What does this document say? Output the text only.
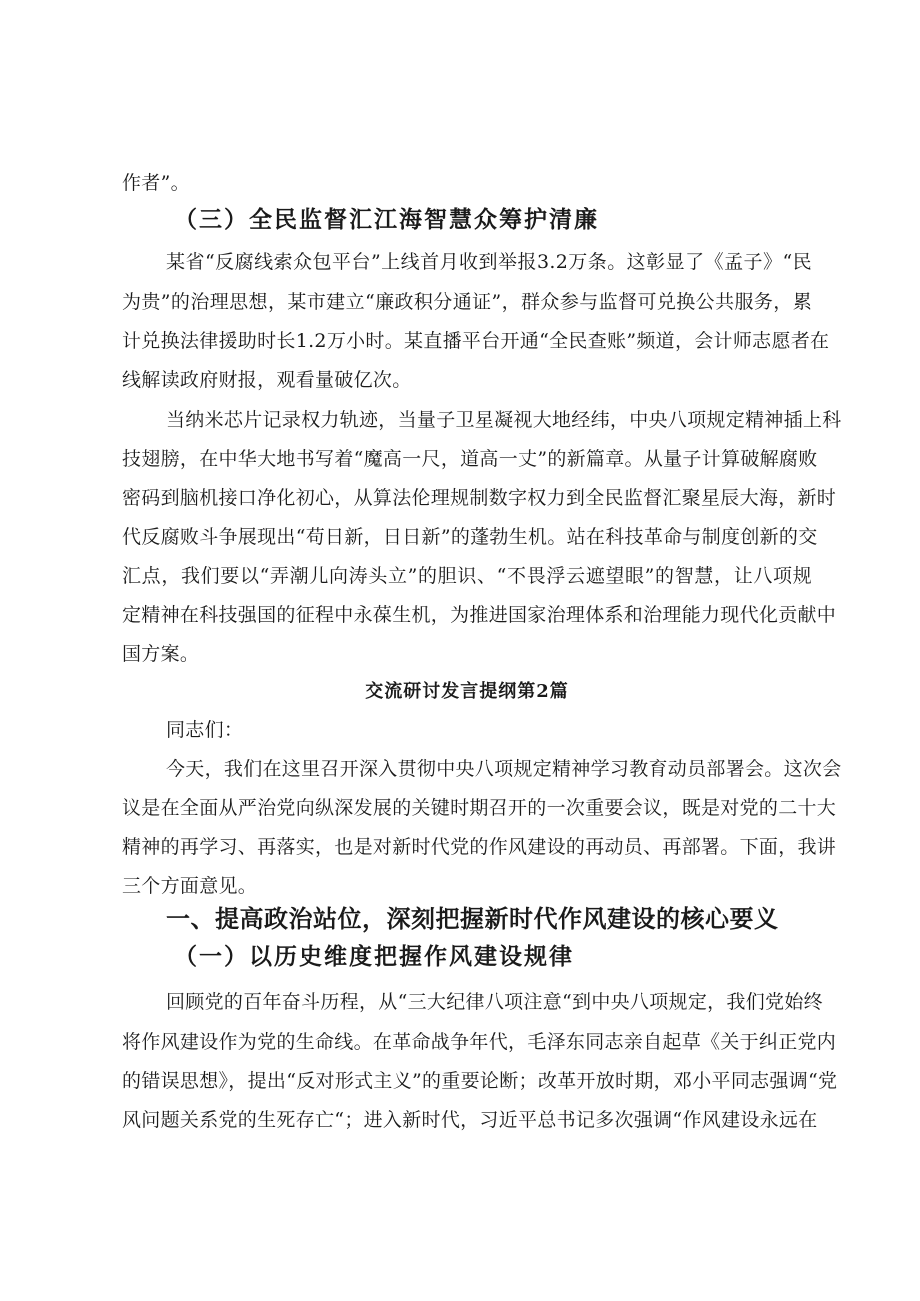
作者”。
（三）全民监督汇江海智慧众筹护清廉
某省“反腐线索众包平台”上线首月收到举报3.2万条。这彰显了《孟子》“民
为贵”的治理思想，某市建立“廉政积分通证”，群众参与监督可兑换公共服务，累
计兑换法律援助时长1.2万小时。某直播平台开通“全民查账”频道，会计师志愿者在
线解读政府财报，观看量破亿次。
当纳米芯片记录权力轨迹，当量子卫星凝视大地经纬，中央八项规定精神插上科
技翅膀，在中华大地书写着“魔高一尺，道高一丈”的新篇章。从量子计算破解腐败
密码到脑机接口净化初心，从算法伦理规制数字权力到全民监督汇聚星辰大海，新时
代反腐败斗争展现出“苟日新，日日新”的蓬勃生机。站在科技革命与制度创新的交
汇点，我们要以“弄潮儿向涛头立”的胆识、“不畏浮云遮望眼”的智慧，让八项规
定精神在科技强国的征程中永葆生机，为推进国家治理体系和治理能力现代化贡献中
国方案。
交流研讨发言提纲第2篇
同志们：
今天，我们在这里召开深入贯彻中央八项规定精神学习教育动员部署会。这次会
议是在全面从严治党向纵深发展的关键时期召开的一次重要会议，既是对党的二十大
精神的再学习、再落实，也是对新时代党的作风建设的再动员、再部署。下面，我讲
三个方面意见。
一、提高政治站位，深刻把握新时代作风建设的核心要义
（一）以历史维度把握作风建设规律
回顾党的百年奋斗历程，从“三大纪律八项注意“到中央八项规定，我们党始终
将作风建设作为党的生命线。在革命战争年代，毛泽东同志亲自起草《关于纠正党内
的错误思想》，提出“反对形式主义”的重要论断；改革开放时期，邓小平同志强调“党
风问题关系党的生死存亡“；进入新时代，习近平总书记多次强调“作风建设永远在
